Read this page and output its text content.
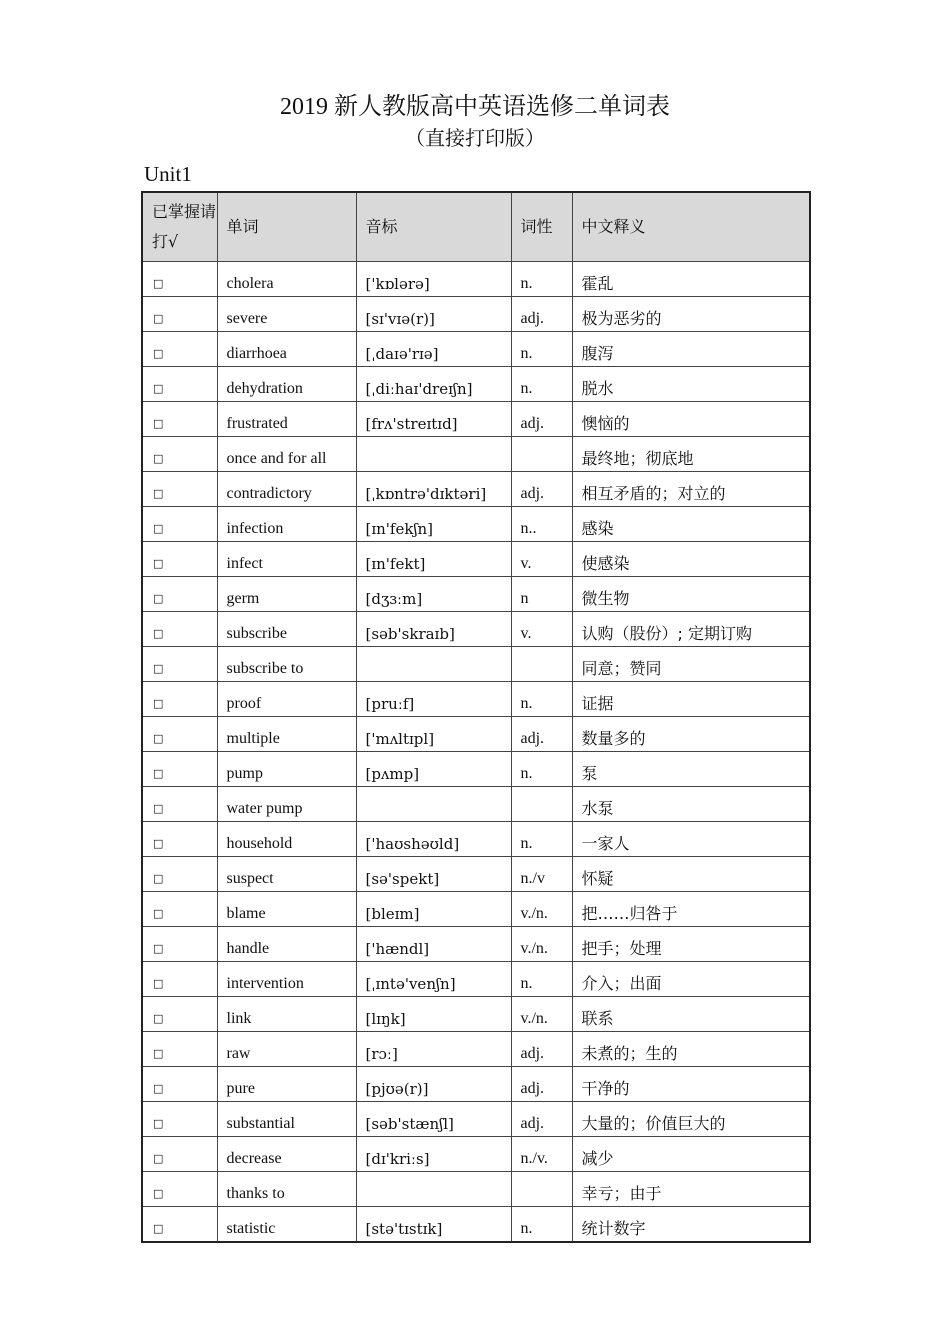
2019 新人教版高中英语选修二单词表
（直接打印版）
Unit1
已掌握请打√	单词	音标	词性	中文释义
□	cholera	['kɒlərə]	n.	霍乱
□	severe	[sɪ'vɪə(r)]	adj.	极为恶劣的
□	diarrhoea	[ˌdaɪə'rɪə]	n.	腹泻
□	dehydration	[ˌdiːhaɪ'dreɪʃn]	n.	脱水
□	frustrated	[frʌ'streɪtɪd]	adj.	懊恼的
□	once and for all			最终地；彻底地
□	contradictory	[ˌkɒntrə'dɪktəri]	adj.	相互矛盾的；对立的
□	infection	[ɪn'fekʃn]	n..	感染
□	infect	[ɪn'fekt]	v.	使感染
□	germ	[dʒɜːm]	n	微生物
□	subscribe	[səb'skraɪb]	v.	认购（股份）; 定期订购
□	subscribe to			同意；赞同
□	proof	[pruːf]	n.	证据
□	multiple	['mʌltɪpl]	adj.	数量多的
□	pump	[pʌmp]	n.	泵
□	water pump			水泵
□	household	['haʊshəʊld]	n.	一家人
□	suspect	[sə'spekt]	n./v	怀疑
□	blame	[bleɪm]	v./n.	把……归咎于
□	handle	['hændl]	v./n.	把手；处理
□	intervention	[ˌɪntə'venʃn]	n.	介入；出面
□	link	[lɪŋk]	v./n.	联系
□	raw	[rɔː]	adj.	未煮的；生的
□	pure	[pjʊə(r)]	adj.	干净的
□	substantial	[səb'stænʃl]	adj.	大量的；价值巨大的
□	decrease	[dɪ'kriːs]	n./v.	减少
□	thanks to			幸亏；由于
□	statistic	[stə'tɪstɪk]	n.	统计数字
